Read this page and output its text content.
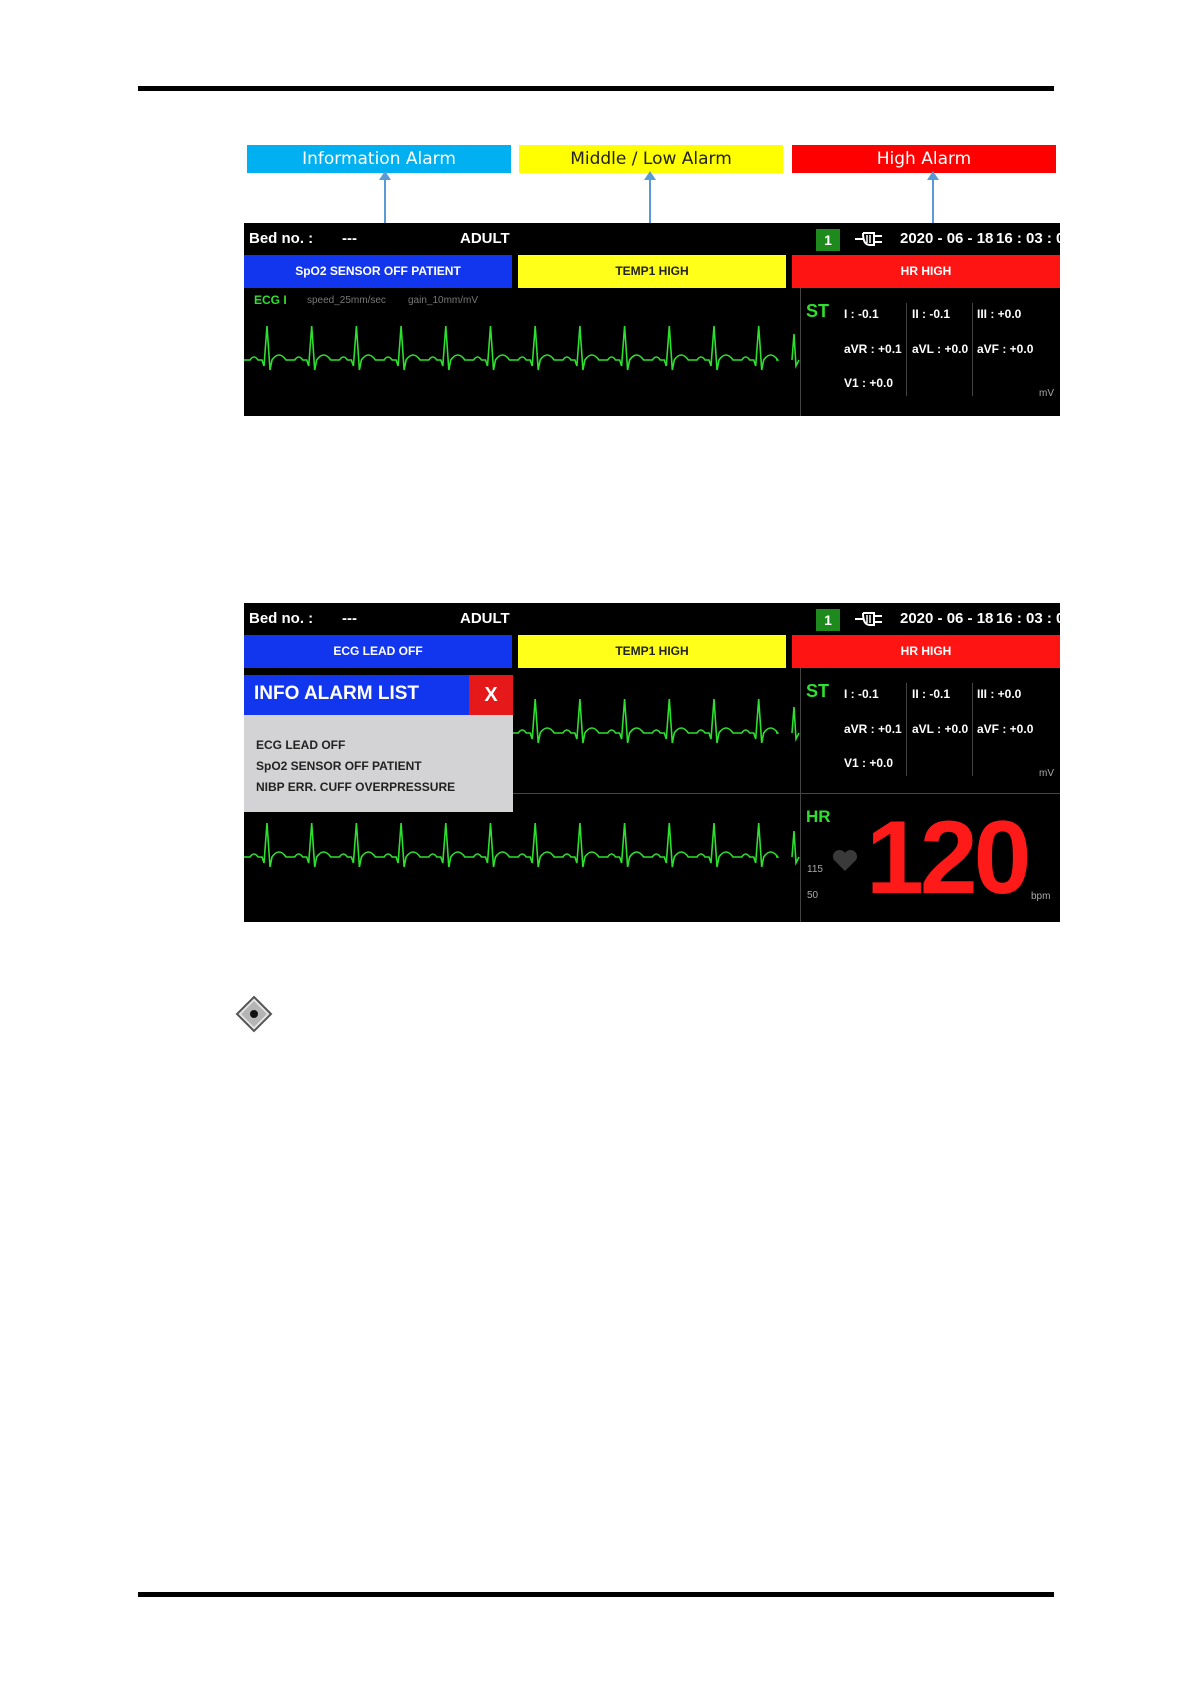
Information Alarm	Middle / Low Alarm	High Alarm
Bed no. : ---	ADULT	1	2020 - 06 - 18 16 : 03 : 07
SpO2 SENSOR OFF PATIENT	TEMP1 HIGH	HR HIGH
ECG I speed_25mm/sec gain_10mm/mV
ST I : -0.1	II : -0.1 III : +0.0
aVR : +0.1 aVL : +0.0 aVF : +0.0
V1 : +0.0
mV
Bed no. : ---	ADULT	1	2020 - 06 - 18 16 : 03 : 07
ECG LEAD OFF	TEMP1 HIGH	HR HIGH
ST I : -0.1	II : -0.1 III : +0.0
aVR : +0.1 aVL : +0.0 aVF : +0.0
V1 : +0.0
mV
HR
115
50 120 bpm
INFO ALARM LIST	X
ECG LEAD OFF
SpO2 SENSOR OFF PATIENT
NIBP ERR. CUFF OVERPRESSURE
